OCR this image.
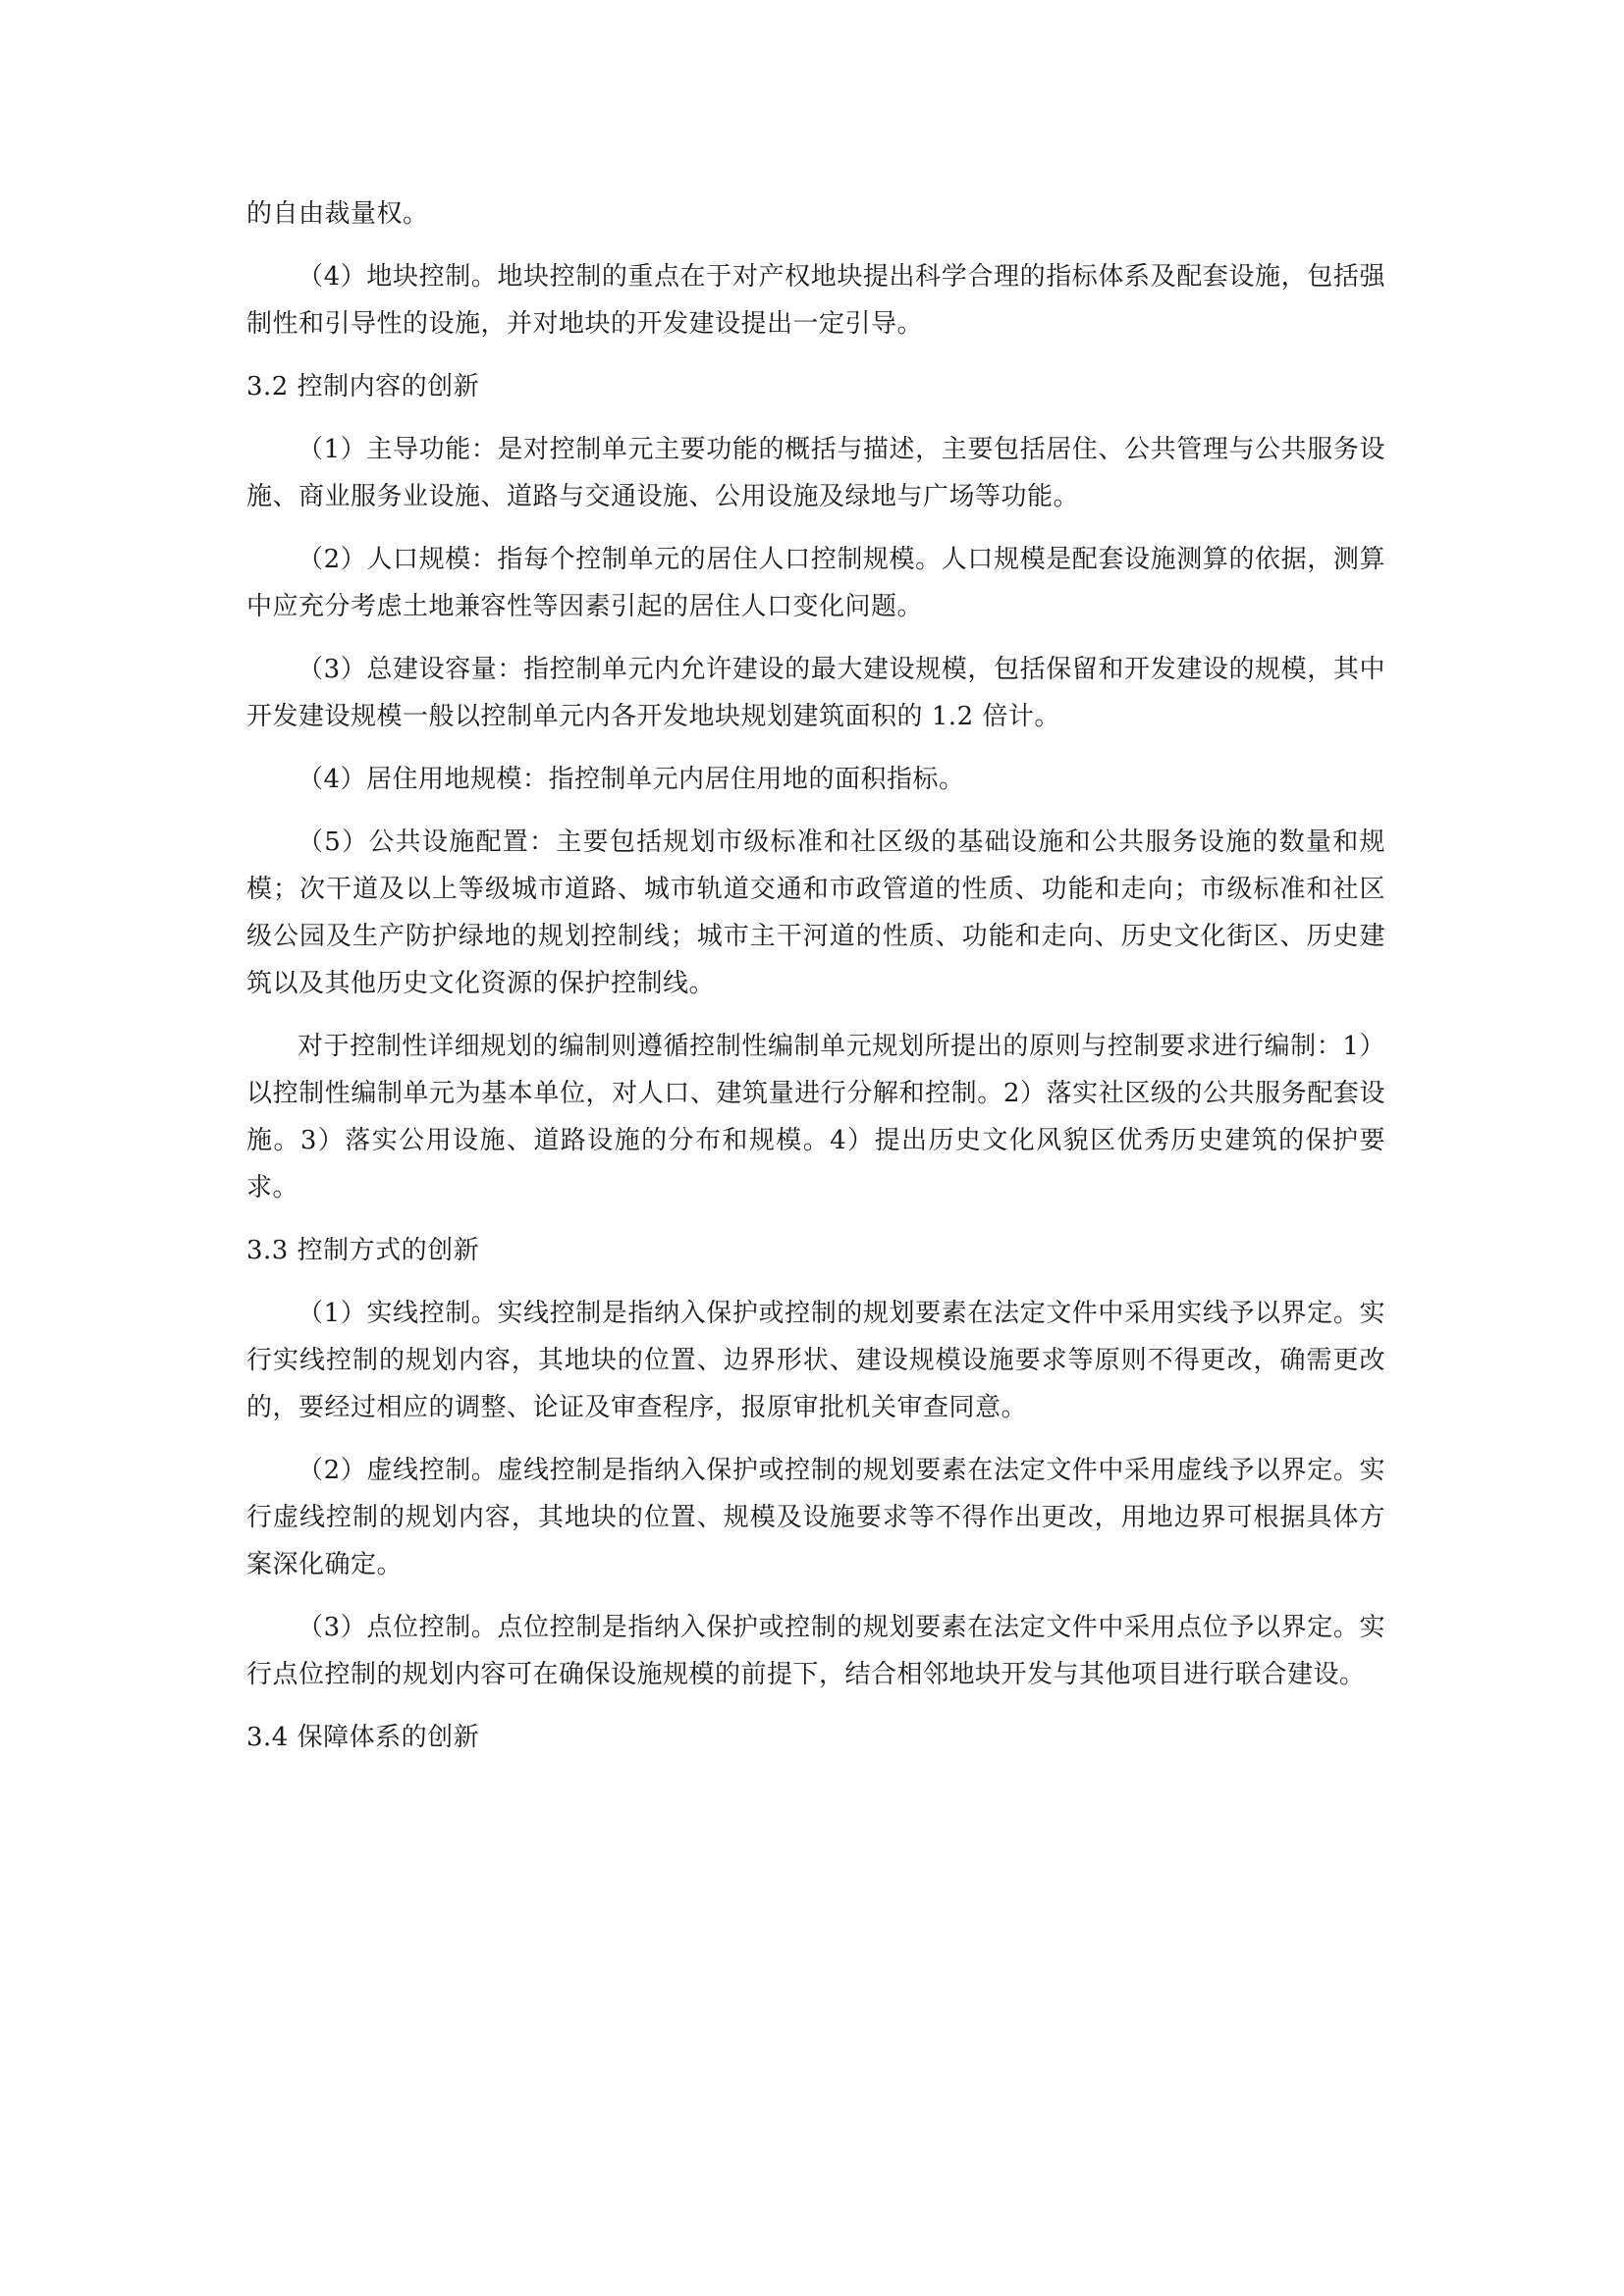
的自由裁量权。

（4）地块控制。地块控制的重点在于对产权地块提出科学合理的指标体系及配套设施，包括强制性和引导性的设施，并对地块的开发建设提出一定引导。

3.2 控制内容的创新

（1）主导功能：是对控制单元主要功能的概括与描述，主要包括居住、公共管理与公共服务设施、商业服务业设施、道路与交通设施、公用设施及绿地与广场等功能。

（2）人口规模：指每个控制单元的居住人口控制规模。人口规模是配套设施测算的依据，测算中应充分考虑土地兼容性等因素引起的居住人口变化问题。

（3）总建设容量：指控制单元内允许建设的最大建设规模，包括保留和开发建设的规模，其中开发建设规模一般以控制单元内各开发地块规划建筑面积的 1.2 倍计。

（4）居住用地规模：指控制单元内居住用地的面积指标。

（5）公共设施配置：主要包括规划市级标准和社区级的基础设施和公共服务设施的数量和规模；次干道及以上等级城市道路、城市轨道交通和市政管道的性质、功能和走向；市级标准和社区级公园及生产防护绿地的规划控制线；城市主干河道的性质、功能和走向、历史文化街区、历史建筑以及其他历史文化资源的保护控制线。

对于控制性详细规划的编制则遵循控制性编制单元规划所提出的原则与控制要求进行编制：1）以控制性编制单元为基本单位，对人口、建筑量进行分解和控制。2）落实社区级的公共服务配套设施。3）落实公用设施、道路设施的分布和规模。4）提出历史文化风貌区优秀历史建筑的保护要求。

3.3 控制方式的创新

（1）实线控制。实线控制是指纳入保护或控制的规划要素在法定文件中采用实线予以界定。实行实线控制的规划内容，其地块的位置、边界形状、建设规模设施要求等原则不得更改，确需更改的，要经过相应的调整、论证及审查程序，报原审批机关审查同意。

（2）虚线控制。虚线控制是指纳入保护或控制的规划要素在法定文件中采用虚线予以界定。实行虚线控制的规划内容，其地块的位置、规模及设施要求等不得作出更改，用地边界可根据具体方案深化确定。

（3）点位控制。点位控制是指纳入保护或控制的规划要素在法定文件中采用点位予以界定。实行点位控制的规划内容可在确保设施规模的前提下，结合相邻地块开发与其他项目进行联合建设。

3.4 保障体系的创新
